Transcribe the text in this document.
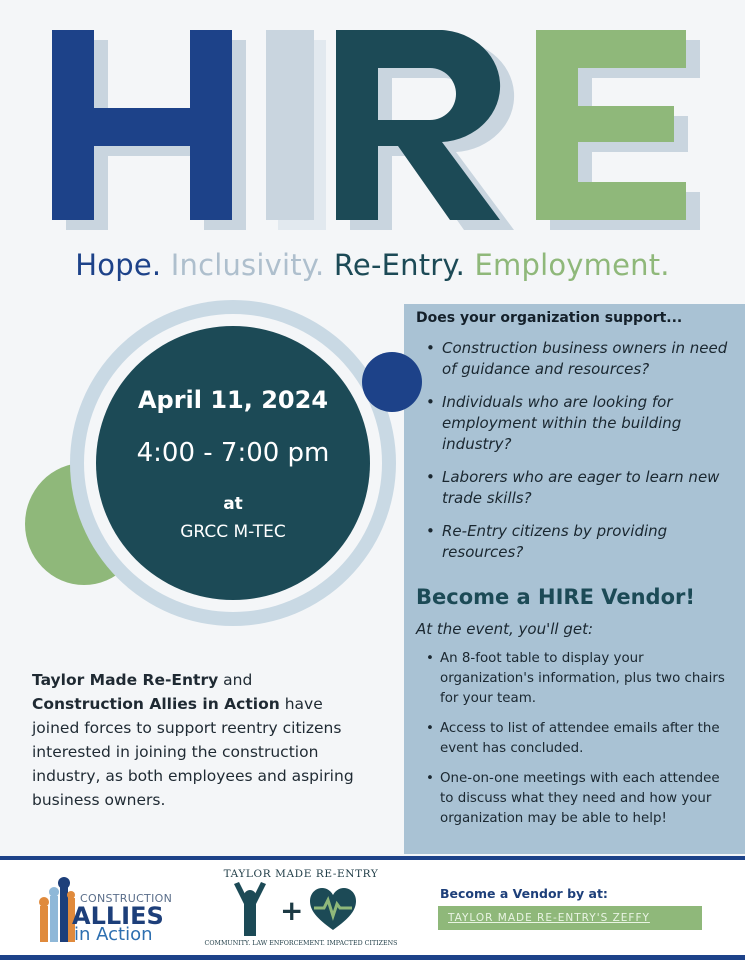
Hope. Inclusivity. Re-Entry. Employment.
April 11, 2024
4:00 - 7:00 pm
at
GRCC M-TEC
Does your organization support...
• Construction business owners in need of guidance and resources?
• Individuals who are looking for employment within the building industry?
• Laborers who are eager to learn new trade skills?
• Re-Entry citizens by providing resources?
Become a HIRE Vendor!
At the event, you'll get:
• An 8-foot table to display your organization's information, plus two chairs for your team.
• Access to list of attendee emails after the event has concluded.
• One-on-one meetings with each attendee to discuss what they need and how your organization may be able to help!

Taylor Made Re-Entry and Construction Allies in Action have joined forces to support reentry citizens interested in joining the construction industry, as both employees and aspiring business owners.

CONSTRUCTION
ALLIES
in Action
TAYLOR MADE RE-ENTRY
+
COMMUNITY. LAW ENFORCEMENT. IMPACTED CITIZENS
Become a Vendor by at:
TAYLOR MADE RE-ENTRY'S ZEFFY
